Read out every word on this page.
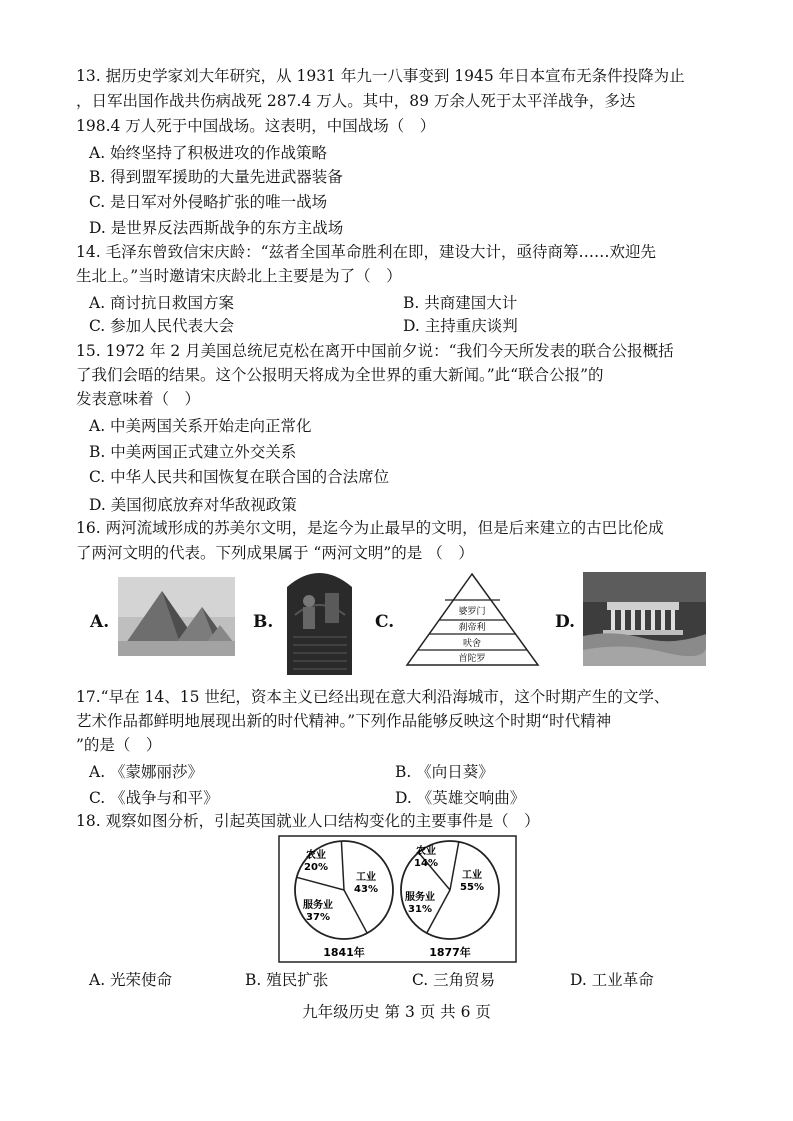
13. 据历史学家刘大年研究，从 1931 年九一八事变到 1945 年日本宣布无条件投降为止
，日军出国作战共伤病战死 287.4 万人。其中，89 万余人死于太平洋战争，多达
198.4 万人死于中国战场。这表明，中国战场（　）
A. 始终坚持了积极进攻的作战策略
B. 得到盟军援助的大量先进武器装备
C. 是日军对外侵略扩张的唯一战场
D. 是世界反法西斯战争的东方主战场
14. 毛泽东曾致信宋庆龄：“兹者全国革命胜利在即，建设大计，亟待商筹……欢迎先
生北上。”当时邀请宋庆龄北上主要是为了（　）
A. 商讨抗日救国方案	B. 共商建国大计
C. 参加人民代表大会	D. 主持重庆谈判
15. 1972 年 2 月美国总统尼克松在离开中国前夕说：“我们今天所发表的联合公报概括
了我们会晤的结果。这个公报明天将成为全世界的重大新闻。”此“联合公报”的
发表意味着（　）
A. 中美两国关系开始走向正常化
B. 中美两国正式建立外交关系
C. 中华人民共和国恢复在联合国的合法席位
D. 美国彻底放弃对华敌视政策
16. 两河流域形成的苏美尔文明，是迄今为止最早的文明，但是后来建立的古巴比伦成
了两河文明的代表。下列成果属于 “两河文明”的是 （　）
A.	B.	C.	婆罗门
刹帝利
吠舍
首陀罗
D.
17.“早在 14、15 世纪，资本主义已经出现在意大利沿海城市，这个时期产生的文学、
艺术作品都鲜明地展现出新的时代精神。”下列作品能够反映这个时期“时代精神
”的是（　）
A. 《蒙娜丽莎》	B. 《向日葵》
C. 《战争与和平》	D. 《英雄交响曲》
18. 观察如图分析，引起英国就业人口结构变化的主要事件是（　）
农业
20%
工业
43%
服务业
37%
1841年
农业
14%
工业
55%
服务业
31%
1877年
A. 光荣使命	B. 殖民扩张	C. 三角贸易	D. 工业革命
九年级历史 第 3 页 共 6 页
